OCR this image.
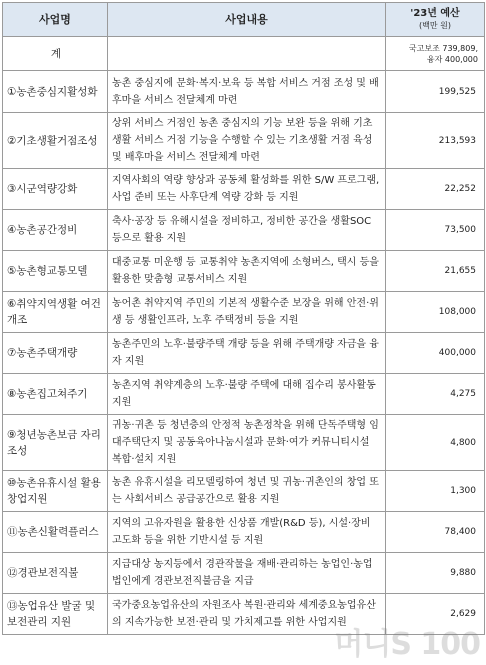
사업명	사업내용	'23년 예산
(백만 원)

계		국고보조 739,809,
융자 400,000

①농촌중심지활성화	농촌 중심지에 문화·복지·보육 등 복합 서비스 거점 조성 및 배후마을 서비스 전달체계 마련	199,525
②기초생활거점조성	상위 서비스 거점인 농촌 중심지의 기능 보완 등을 위해 기초생활 서비스 거점 기능을 수행할 수 있는 기초생활 거점 육성 및 배후마을 서비스 전달체계 마련	213,593
③시군역량강화	지역사회의 역량 향상과 공동체 활성화를 위한 S/W 프로그램, 사업 준비 또는 사후단계 역량 강화 등 지원	22,252
④농촌공간정비	축사·공장 등 유해시설을 정비하고, 정비한 공간을 생활SOC 등으로 활용 지원	73,500
⑤농촌형교통모델	대중교통 미운행 등 교통취약 농촌지역에 소형버스, 택시 등을 활용한 맞춤형 교통서비스 지원	21,655
⑥취약지역생활 여건개조	농어촌 취약지역 주민의 기본적 생활수준 보장을 위해 안전·위생 등 생활인프라, 노후 주택정비 등을 지원	108,000
⑦농촌주택개량	농촌주민의 노후·불량주택 개량 등을 위해 주택개량 자금을 융자 지원	400,000
⑧농촌집고쳐주기	농촌지역 취약계층의 노후·불량 주택에 대해 집수리 봉사활동 지원	4,275
⑨청년농촌보금 자리조성	귀농·귀촌 등 청년층의 안정적 농촌정착을 위해 단독주택형 임대주택단지 및 공동육아나눔시설과 문화·여가 커뮤니티시설 복합·설치 지원	4,800
⑩농촌유휴시설 활용창업지원	농촌 유휴시설을 리모델링하여 청년 및 귀농·귀촌인의 창업 또는 사회서비스 공급공간으로 활용 지원	1,300
⑪농촌신활력플러스	지역의 고유자원을 활용한 신상품 개발(R&D 등), 시설·장비 고도화 등을 위한 기반시설 등 지원	78,400
⑫경관보전직불	지급대상 농지등에서 경관작물을 재배·관리하는 농업인·농업법인에게 경관보전직불금을 지급	9,880
⑬농업유산 발굴 및 보전관리 지원	국가중요농업유산의 자원조사 복원·관리와 세계중요농업유산의 지속가능한 보전·관리 및 가치제고를 위한 사업지원	2,629
머니S 100
